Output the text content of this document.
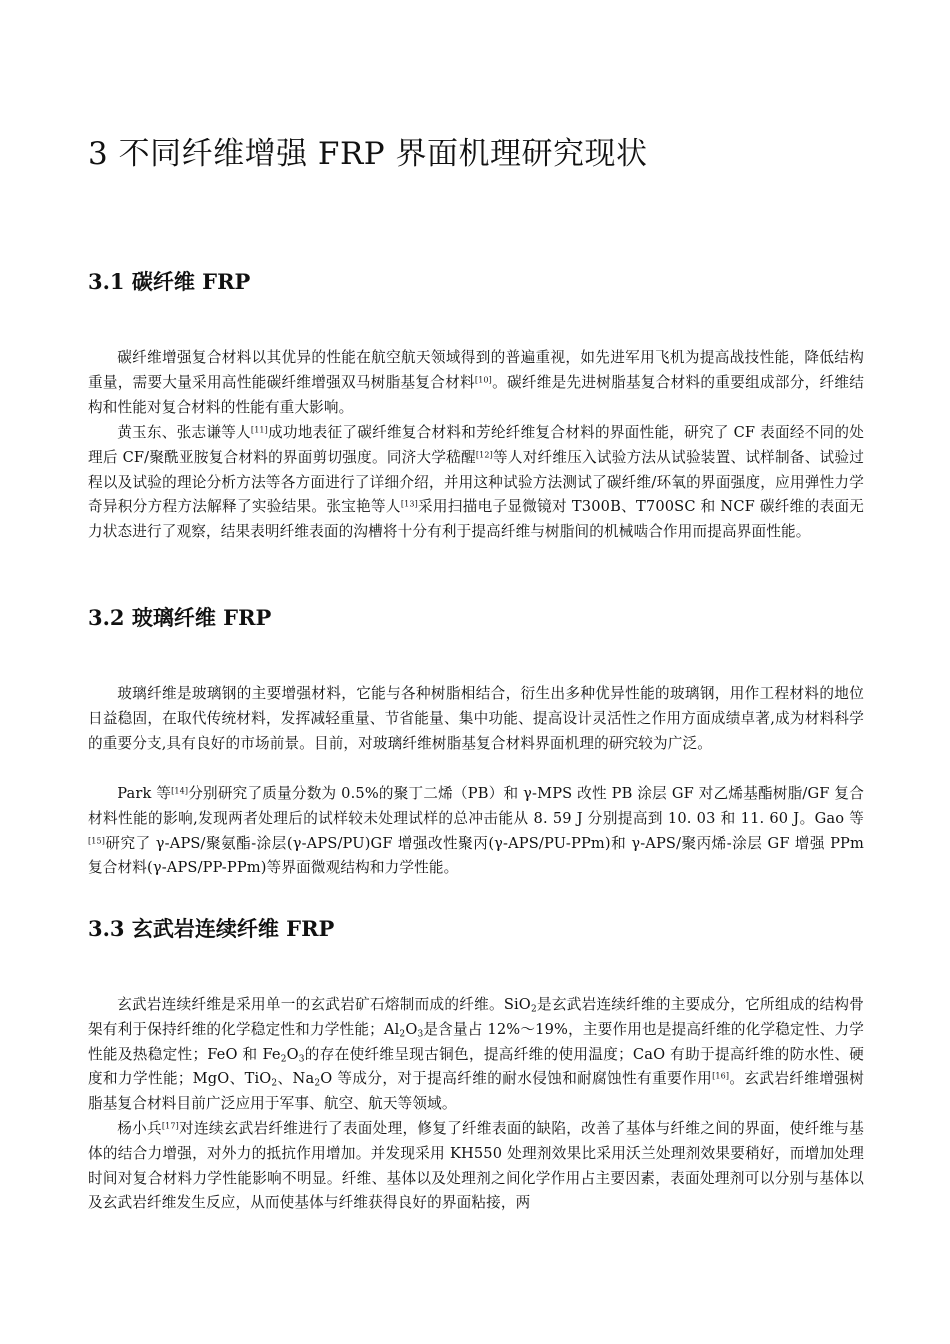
3 不同纤维增强 FRP 界面机理研究现状
3.1 碳纤维 FRP

碳纤维增强复合材料以其优异的性能在航空航天领域得到的普遍重视，如先进军用飞机为提高战技性能，降低结构重量，需要大量采用高性能碳纤维增强双马树脂基复合材料[10]。碳纤维是先进树脂基复合材料的重要组成部分，纤维结构和性能对复合材料的性能有重大影响。

黄玉东、张志谦等人[11]成功地表征了碳纤维复合材料和芳纶纤维复合材料的界面性能，研究了 CF 表面经不同的处理后 CF/聚酰亚胺复合材料的界面剪切强度。同济大学嵇醒[12]等人对纤维压入试验方法从试验装置、试样制备、试验过程以及试验的理论分析方法等各方面进行了详细介绍，并用这种试验方法测试了碳纤维/环氧的界面强度，应用弹性力学奇异积分方程方法解释了实验结果。张宝艳等人[13]采用扫描电子显微镜对 T300B、T700SC 和 NCF 碳纤维的表面无力状态进行了观察，结果表明纤维表面的沟槽将十分有利于提高纤维与树脂间的机械啮合作用而提高界面性能。

3.2 玻璃纤维 FRP

玻璃纤维是玻璃钢的主要增强材料，它能与各种树脂相结合，衍生出多种优异性能的玻璃钢，用作工程材料的地位日益稳固，在取代传统材料，发挥减轻重量、节省能量、集中功能、提高设计灵活性之作用方面成绩卓著,成为材料科学的重要分支,具有良好的市场前景。目前，对玻璃纤维树脂基复合材料界面机理的研究较为广泛。

Park 等[14]分别研究了质量分数为 0.5%的聚丁二烯（PB）和 γ-MPS 改性 PB 涂层 GF 对乙烯基酯树脂/GF 复合材料性能的影响,发现两者处理后的试样较未处理试样的总冲击能从 8. 59 J 分别提高到 10. 03 和 11. 60 J。Gao 等[15]研究了 γ-APS/聚氨酯-涂层(γ-APS/PU)GF 增强改性聚丙(γ-APS/PU-PPm)和 γ-APS/聚丙烯-涂层 GF 增强 PPm 复合材料(γ-APS/PP-PPm)等界面微观结构和力学性能。

3.3 玄武岩连续纤维 FRP

玄武岩连续纤维是采用单一的玄武岩矿石熔制而成的纤维。SiO$_2$是玄武岩连续纤维的主要成分，它所组成的结构骨架有利于保持纤维的化学稳定性和力学性能；$Al_2O_3$是含量占 12%～19%，主要作用也是提高纤维的化学稳定性、力学性能及热稳定性；FeO 和 $Fe_2O_3$的存在使纤维呈现古铜色，提高纤维的使用温度；CaO 有助于提高纤维的防水性、硬度和力学性能；MgO、TiO$_2$、$Na_2O$ 等成分，对于提高纤维的耐水侵蚀和耐腐蚀性有重要作用[16]。玄武岩纤维增强树脂基复合材料目前广泛应用于军事、航空、航天等领域。

杨小兵[17]对连续玄武岩纤维进行了表面处理，修复了纤维表面的缺陷，改善了基体与纤维之间的界面，使纤维与基体的结合力增强，对外力的抵抗作用增加。并发现采用 KH550 处理剂效果比采用沃兰处理剂效果要稍好，而增加处理时间对复合材料力学性能影响不明显。纤维、基体以及处理剂之间化学作用占主要因素，表面处理剂可以分别与基体以及玄武岩纤维发生反应，从而使基体与纤维获得良好的界面粘接，两
